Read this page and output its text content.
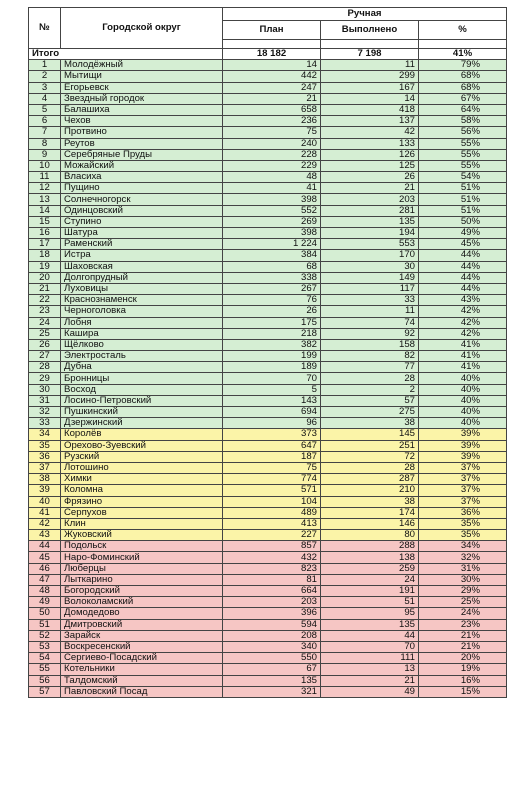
№	Городской округ	Ручная		
		План	Выполнено	%

Итого		18 182	7 198	41%
1	Молодёжный	14	11	79%
2	Мытищи	442	299	68%
3	Егорьевск	247	167	68%
4	Звездный городок	21	14	67%
5	Балашиха	658	418	64%
6	Чехов	236	137	58%
7	Протвино	75	42	56%
8	Реутов	240	133	55%
9	Серебряные Пруды	228	126	55%
10	Можайский	229	125	55%
11	Власиха	48	26	54%
12	Пущино	41	21	51%
13	Солнечногорск	398	203	51%
14	Одинцовский	552	281	51%
15	Ступино	269	135	50%
16	Шатура	398	194	49%
17	Раменский	1 224	553	45%
18	Истра	384	170	44%
19	Шаховская	68	30	44%
20	Долгопрудный	338	149	44%
21	Луховицы	267	117	44%
22	Краснознаменск	76	33	43%
23	Черноголовка	26	11	42%
24	Лобня	175	74	42%
25	Кашира	218	92	42%
26	Щёлково	382	158	41%
27	Электросталь	199	82	41%
28	Дубна	189	77	41%
29	Бронницы	70	28	40%
30	Восход	5	2	40%
31	Лосино-Петровский	143	57	40%
32	Пушкинский	694	275	40%
33	Дзержинский	96	38	40%
34	Королёв	373	145	39%
35	Орехово-Зуевский	647	251	39%
36	Рузский	187	72	39%
37	Лотошино	75	28	37%
38	Химки	774	287	37%
39	Коломна	571	210	37%
40	Фрязино	104	38	37%
41	Серпухов	489	174	36%
42	Клин	413	146	35%
43	Жуковский	227	80	35%
44	Подольск	857	288	34%
45	Наро-Фоминский	432	138	32%
46	Люберцы	823	259	31%
47	Лыткарино	81	24	30%
48	Богородский	664	191	29%
49	Волоколамский	203	51	25%
50	Домодедово	396	95	24%
51	Дмитровский	594	135	23%
52	Зарайск	208	44	21%
53	Воскресенский	340	70	21%
54	Сергиево-Посадский	550	111	20%
55	Котельники	67	13	19%
56	Талдомский	135	21	16%
57	Павловский Посад	321	49	15%
